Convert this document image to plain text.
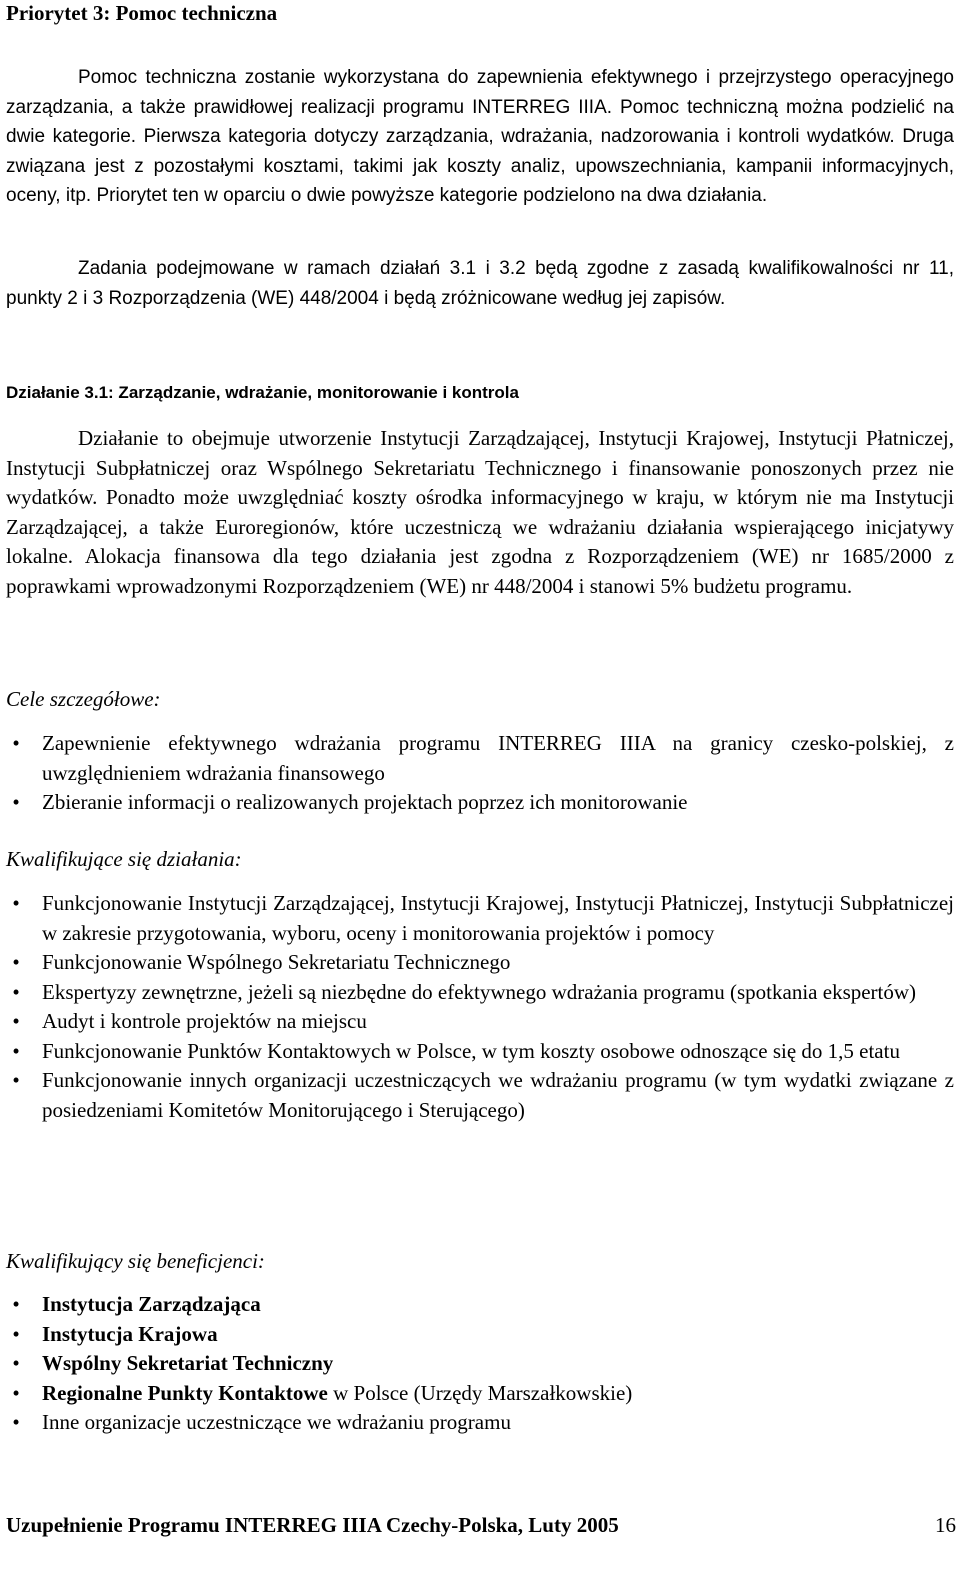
Priorytet 3: Pomoc techniczna

Pomoc techniczna zostanie wykorzystana do zapewnienia efektywnego i przejrzystego operacyjnego zarządzania, a także prawidłowej realizacji programu INTERREG IIIA. Pomoc techniczną można podzielić na dwie kategorie. Pierwsza kategoria dotyczy zarządzania, wdrażania, nadzorowania i kontroli wydatków. Druga związana jest z pozostałymi kosztami, takimi jak koszty analiz, upowszechniania, kampanii informacyjnych, oceny, itp. Priorytet ten w oparciu o dwie powyższe kategorie podzielono na dwa działania.

Zadania podejmowane w ramach działań 3.1 i 3.2 będą zgodne z zasadą kwalifikowalności nr 11, punkty 2 i 3 Rozporządzenia (WE) 448/2004 i będą zróżnicowane według jej zapisów.

Działanie 3.1: Zarządzanie, wdrażanie, monitorowanie i kontrola

Działanie to obejmuje utworzenie Instytucji Zarządzającej, Instytucji Krajowej, Instytucji Płatniczej, Instytucji Subpłatniczej oraz Wspólnego Sekretariatu Technicznego i finansowanie ponoszonych przez nie wydatków. Ponadto może uwzględniać koszty ośrodka informacyjnego w kraju, w którym nie ma Instytucji Zarządzającej, a także Euroregionów, które uczestniczą we wdrażaniu działania wspierającego inicjatywy lokalne. Alokacja finansowa dla tego działania jest zgodna z Rozporządzeniem (WE) nr 1685/2000 z poprawkami wprowadzonymi Rozporządzeniem (WE) nr 448/2004 i stanowi 5% budżetu programu.

Cele szczegółowe:
•
Zapewnienie efektywnego wdrażania programu INTERREG IIIA na granicy czesko-polskiej, z uwzględnieniem wdrażania finansowego
•
Zbieranie informacji o realizowanych projektach poprzez ich monitorowanie
Kwalifikujące się działania:
•
Funkcjonowanie Instytucji Zarządzającej, Instytucji Krajowej, Instytucji Płatniczej, Instytucji Subpłatniczej w zakresie przygotowania, wyboru, oceny i monitorowania projektów i pomocy
•
Funkcjonowanie Wspólnego Sekretariatu Technicznego
•
Ekspertyzy zewnętrzne, jeżeli są niezbędne do efektywnego wdrażania programu (spotkania ekspertów)
•
Audyt i kontrole projektów na miejscu
•
Funkcjonowanie Punktów Kontaktowych w Polsce, w tym koszty osobowe odnoszące się do 1,5 etatu
•
Funkcjonowanie innych organizacji uczestniczących we wdrażaniu programu (w tym wydatki związane z posiedzeniami Komitetów Monitorującego i Sterującego)
Kwalifikujący się beneficjenci:
•
Instytucja Zarządzająca
•
Instytucja Krajowa
•
Wspólny Sekretariat Techniczny
•
Regionalne Punkty Kontaktowe w Polsce (Urzędy Marszałkowskie)
•
Inne organizacje uczestniczące we wdrażaniu programu
Uzupełnienie Programu INTERREG IIIA Czechy-Polska, Luty 2005	16
